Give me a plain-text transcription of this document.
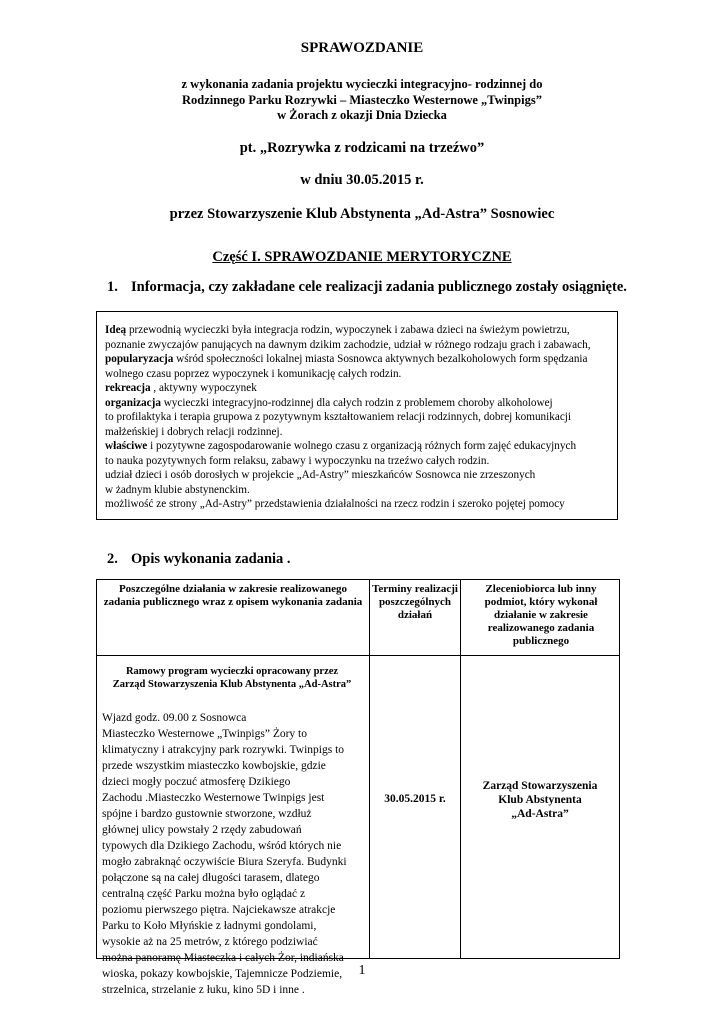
SPRAWOZDANIE
z wykonania zadania projektu wycieczki integracyjno- rodzinnej do
Rodzinnego Parku Rozrywki – Miasteczko Westernowe „Twinpigs”
w Żorach z okazji Dnia Dziecka
pt. „Rozrywka z rodzicami na trzeźwo”
w dniu 30.05.2015 r.
przez Stowarzyszenie Klub Abstynenta „Ad-Astra” Sosnowiec
Część I. SPRAWOZDANIE MERYTORYCZNE
1. Informacja, czy zakładane cele realizacji zadania publicznego zostały osiągnięte.

Ideą przewodnią wycieczki była integracja rodzin, wypoczynek i zabawa dzieci na świeżym powietrzu,

poznanie zwyczajów panujących na dawnym dzikim zachodzie, udział w różnego rodzaju grach i zabawach,

popularyzacja wśród społeczności lokalnej miasta Sosnowca aktywnych bezalkoholowych form spędzania

wolnego czasu poprzez wypoczynek i komunikację całych rodzin.

rekreacja , aktywny wypoczynek

organizacja wycieczki integracyjno-rodzinnej dla całych rodzin z problemem choroby alkoholowej

to profilaktyka i terapia grupowa z pozytywnym kształtowaniem relacji rodzinnych, dobrej komunikacji

małżeńskiej i dobrych relacji rodzinnej.

właściwe i pozytywne zagospodarowanie wolnego czasu z organizacją różnych form zajęć edukacyjnych

to nauka pozytywnych form relaksu, zabawy i wypoczynku na trzeźwo całych rodzin.

udział dzieci i osób dorosłych w projekcie „Ad-Astry” mieszkańców Sosnowca nie zrzeszonych

w żadnym klubie abstynenckim.

możliwość ze strony „Ad-Astry” przedstawienia działalności na rzecz rodzin i szeroko pojętej pomocy

2. Opis wykonania zadania .
Poszczególne działania w zakresie realizowanego zadania publicznego wraz z opisem wykonania zadania
Terminy realizacji poszczególnych działań
Zleceniobiorca lub inny podmiot, który wykonał działanie w zakresie realizowanego zadania publicznego
Ramowy program wycieczki opracowany przez
Zarząd Stowarzyszenia Klub Abstynenta „Ad-Astra”

Wjazd godz. 09.00 z Sosnowca

Miasteczko Westernowe „Twinpigs” Żory to

klimatyczny i atrakcyjny park rozrywki. Twinpigs to

przede wszystkim miasteczko kowbojskie, gdzie

dzieci mogły poczuć atmosferę Dzikiego

Zachodu .Miasteczko Westernowe Twinpigs jest

spójne i bardzo gustownie stworzone, wzdłuż

głównej ulicy powstały 2 rzędy zabudowań

typowych dla Dzikiego Zachodu, wśród których nie

mogło zabraknąć oczywiście Biura Szeryfa. Budynki

połączone są na całej długości tarasem, dlatego

centralną część Parku można było oglądać z

poziomu pierwszego piętra. Najciekawsze atrakcje

Parku to Koło Młyńskie z ładnymi gondolami,

wysokie aż na 25 metrów, z którego podziwiać

można panoramę Miasteczka i całych Żor, indiańska

wioska, pokazy kowbojskie, Tajemnicze Podziemie,

strzelnica, strzelanie z łuku, kino 5D i inne .

30.05.2015 r.
Zarząd Stowarzyszenia
Klub Abstynenta
„Ad-Astra”
1
